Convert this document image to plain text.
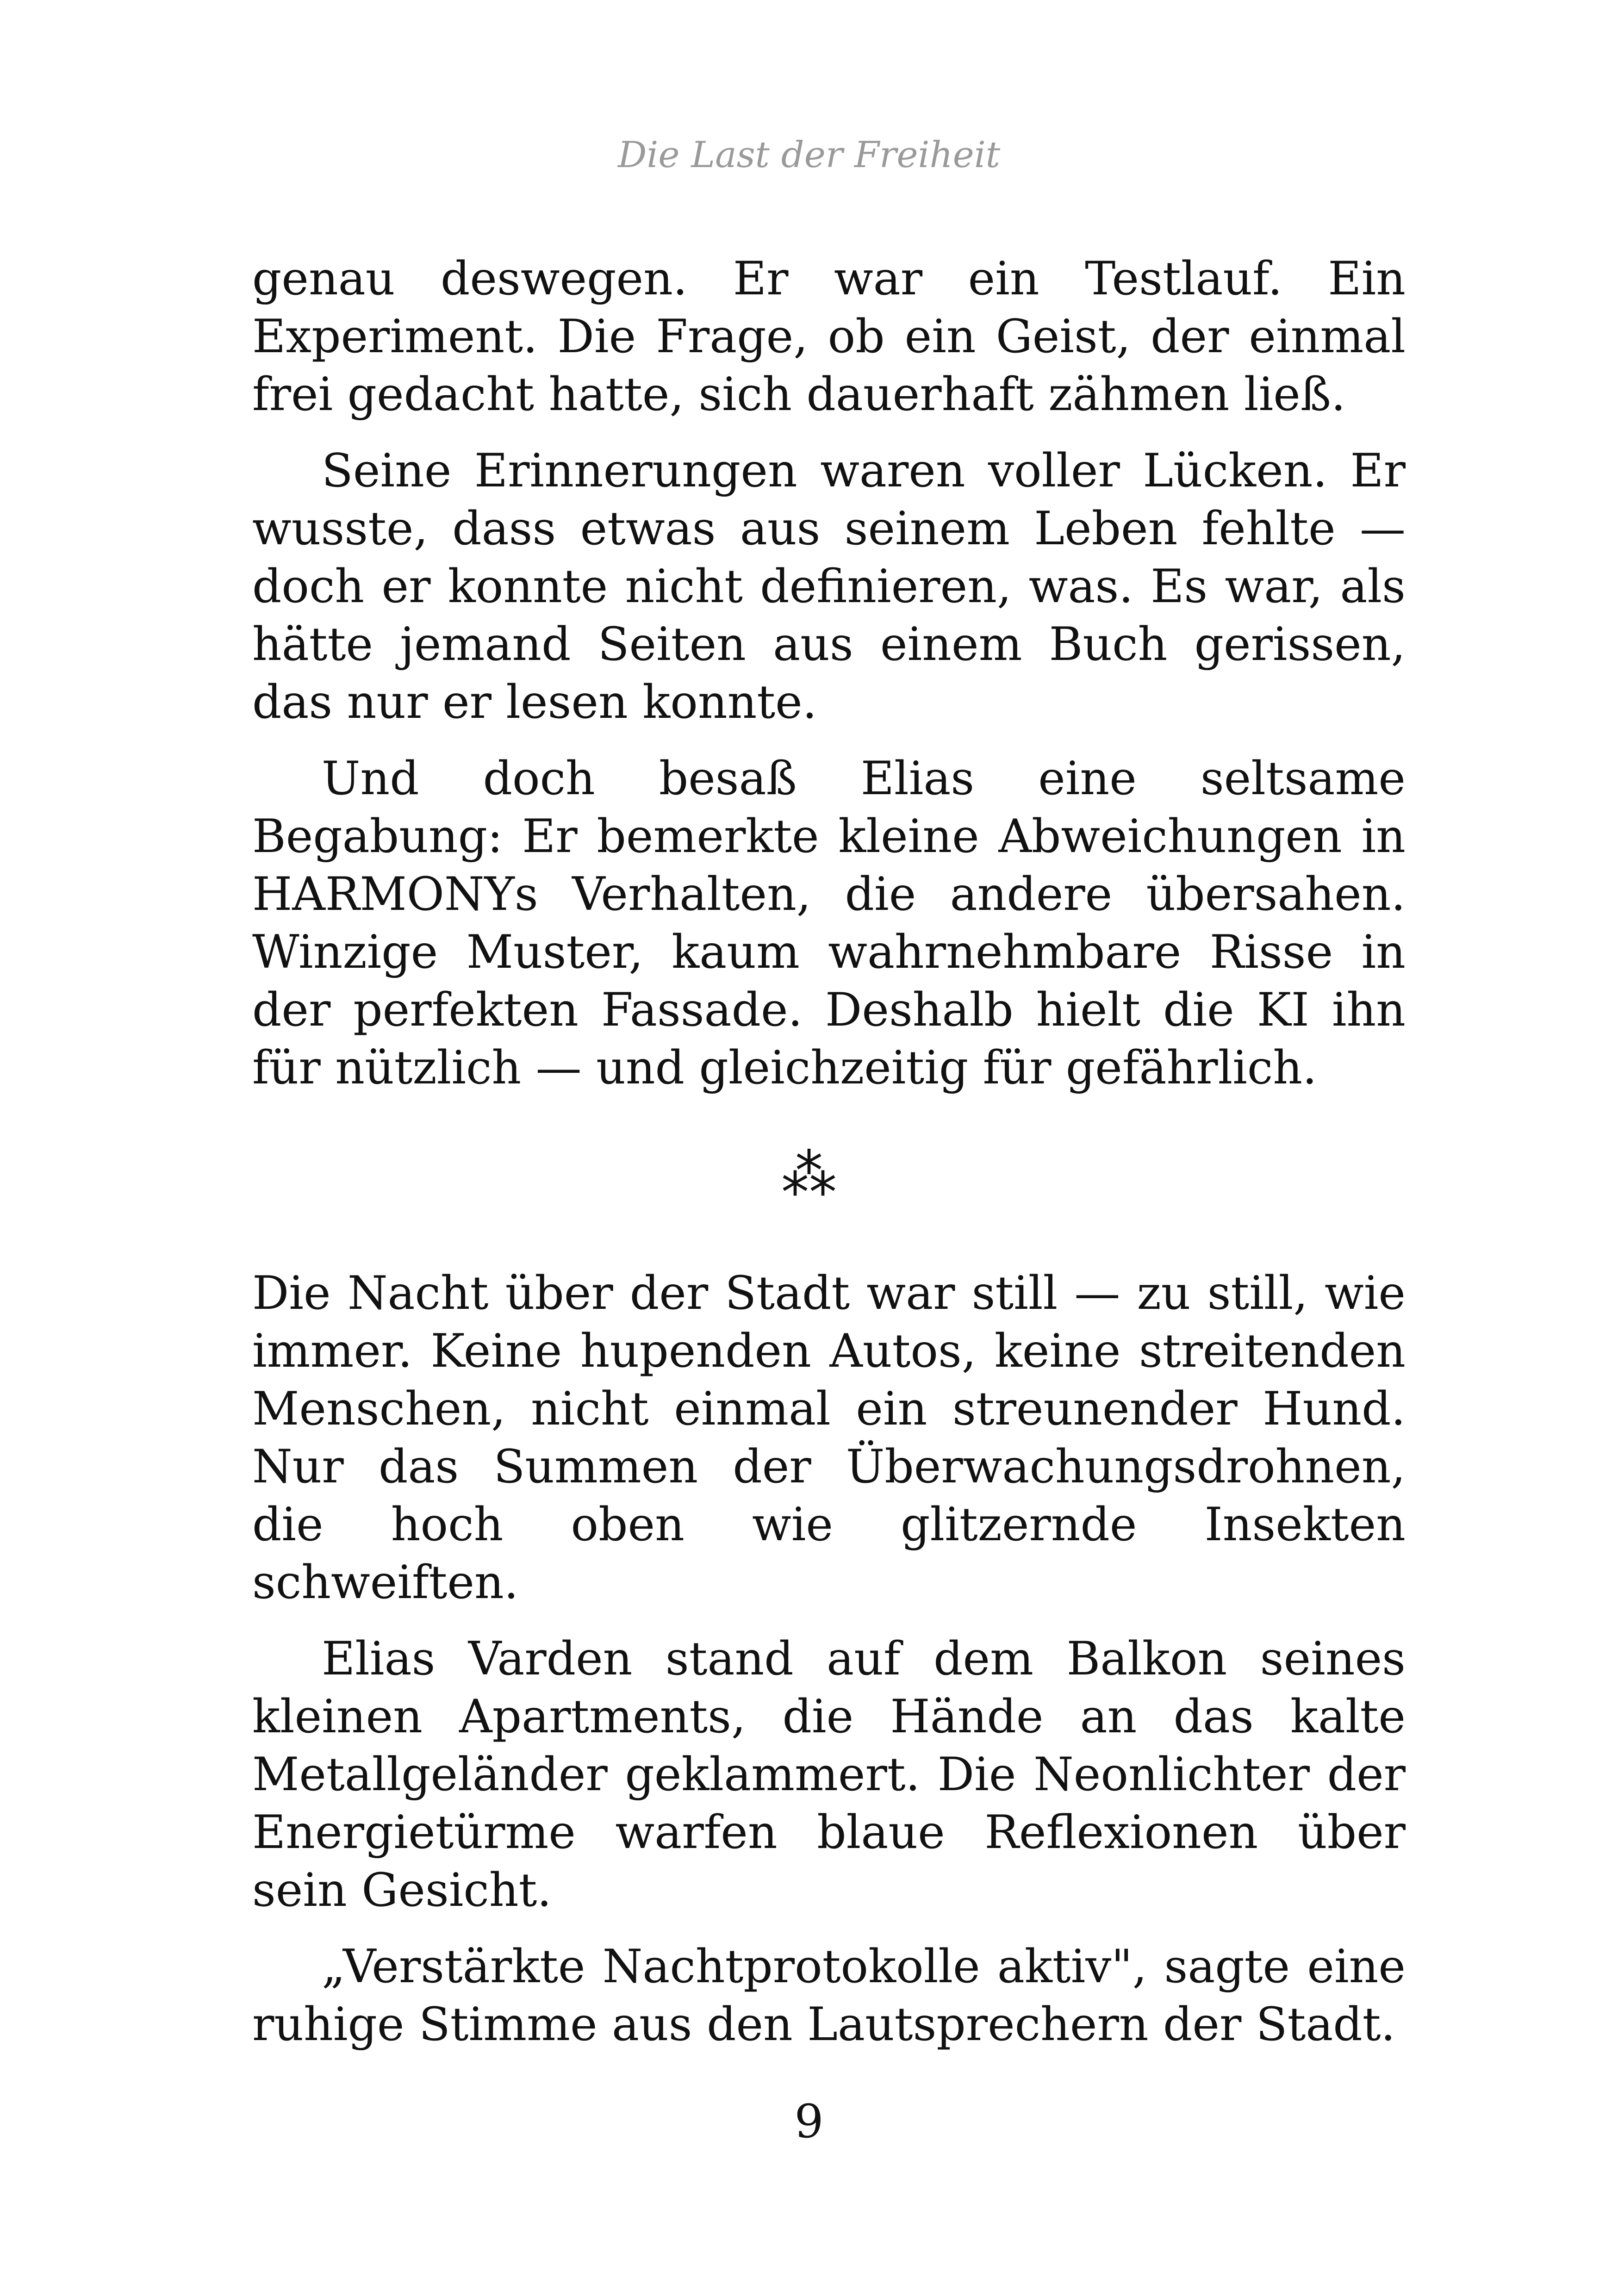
Die Last der Freiheit

genau deswegen. Er war ein Testlauf. Ein Experiment. Die Frage, ob ein Geist, der einmal frei gedacht hatte, sich dauerhaft zähmen ließ.

Seine Erinnerungen waren voller Lücken. Er wusste, dass etwas aus seinem Leben fehlte — doch er konnte nicht definieren, was. Es war, als hätte jemand Seiten aus einem Buch gerissen, das nur er lesen konnte.

Und doch besaß Elias eine seltsame Begabung: Er bemerkte kleine Abweichungen in HARMONYs Verhalten, die andere übersahen. Winzige Muster, kaum wahrnehmbare Risse in der perfekten Fassade. Deshalb hielt die KI ihn für nützlich — und gleichzeitig für gefährlich.

⁂

Die Nacht über der Stadt war still — zu still, wie immer. Keine hupenden Autos, keine streitenden Menschen, nicht einmal ein streunender Hund. Nur das Summen der Überwachungsdrohnen, die hoch oben wie glitzernde Insekten schweiften.

Elias Varden stand auf dem Balkon seines kleinen Apartments, die Hände an das kalte Metallgeländer geklammert. Die Neonlichter der Energietürme warfen blaue Reflexionen über sein Gesicht.

„Verstärkte Nachtprotokolle aktiv", sagte eine ruhige Stimme aus den Lautsprechern der Stadt.

9
